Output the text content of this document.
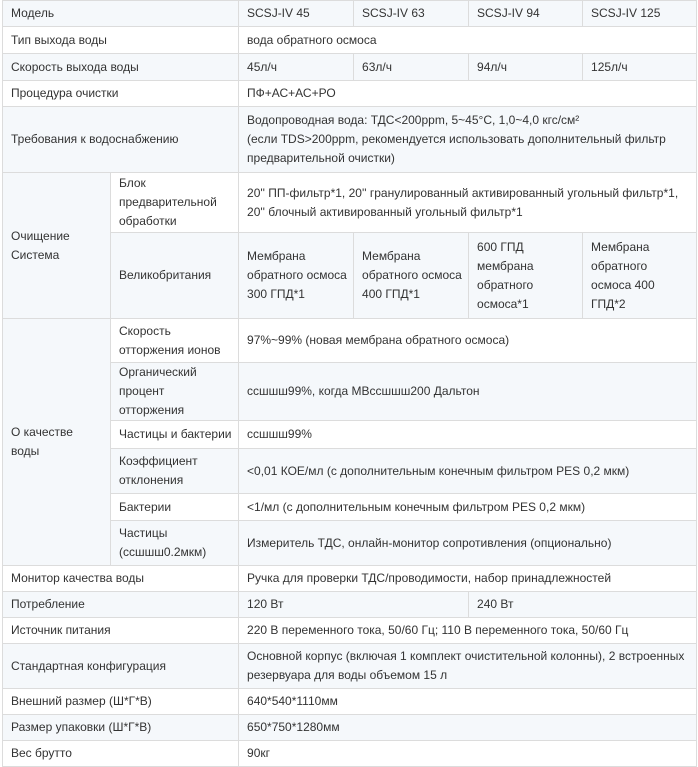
Модель		SCSJ-IV 45	SCSJ-IV 63	SCSJ-IV 94	SCSJ-IV 125
Тип выхода воды		вода обратного осмоса			
Скорость выхода воды		45л/ч	63л/ч	94л/ч	125л/ч
Процедура очистки		ПФ+АС+АС+РО			
Требования к водоснабжению		Водопроводная вода: ТДС<200ppm, 5~45°C, 1,0~4,0 кгс/см²
(если TDS>200ppm, рекомендуется использовать дополнительный фильтр
предварительной очистки)			
Очищение Система	Блок предварительной обработки	20'' ПП-фильтр*1, 20'' гранулированный активированный угольный фильтр*1, 20'' блочный активированный угольный фильтр*1			
	Великобритания	Мембрана обратного осмоса 300 ГПД*1	Мембрана обратного осмоса 400 ГПД*1	600 ГПД мембрана обратного осмоса*1	Мембрана обратного осмоса 400 ГПД*2
О качестве воды	Скорость отторжения ионов	97%~99% (новая мембрана обратного осмоса)			
	Органический процент отторжения	ссшшш99%, когда МВссшшш200 Дальтон			
	Частицы и бактерии	ссшшш99%			
	Коэффициент отклонения	<0,01 КОЕ/мл (с дополнительным конечным фильтром PES 0,2 мкм)			
	Бактерии	<1/мл (с дополнительным конечным фильтром PES 0,2 мкм)			
	Частицы (ссшшш0.2мкм)	Измеритель ТДС, онлайн-монитор сопротивления (опционально)			
Монитор качества воды		Ручка для проверки ТДС/проводимости, набор принадлежностей			
Потребление		120 Вт		240 Вт	
Источник питания		220 В переменного тока, 50/60 Гц; 110 В переменного тока, 50/60 Гц			
Стандартная конфигурация		Основной корпус (включая 1 комплект очистительной колонны), 2 встроенных резервуара для воды объемом 15 л			
Внешний размер (Ш*Г*В)		640*540*1110мм			
Размер упаковки (Ш*Г*В)		650*750*1280мм			
Вес брутто		90кг			
